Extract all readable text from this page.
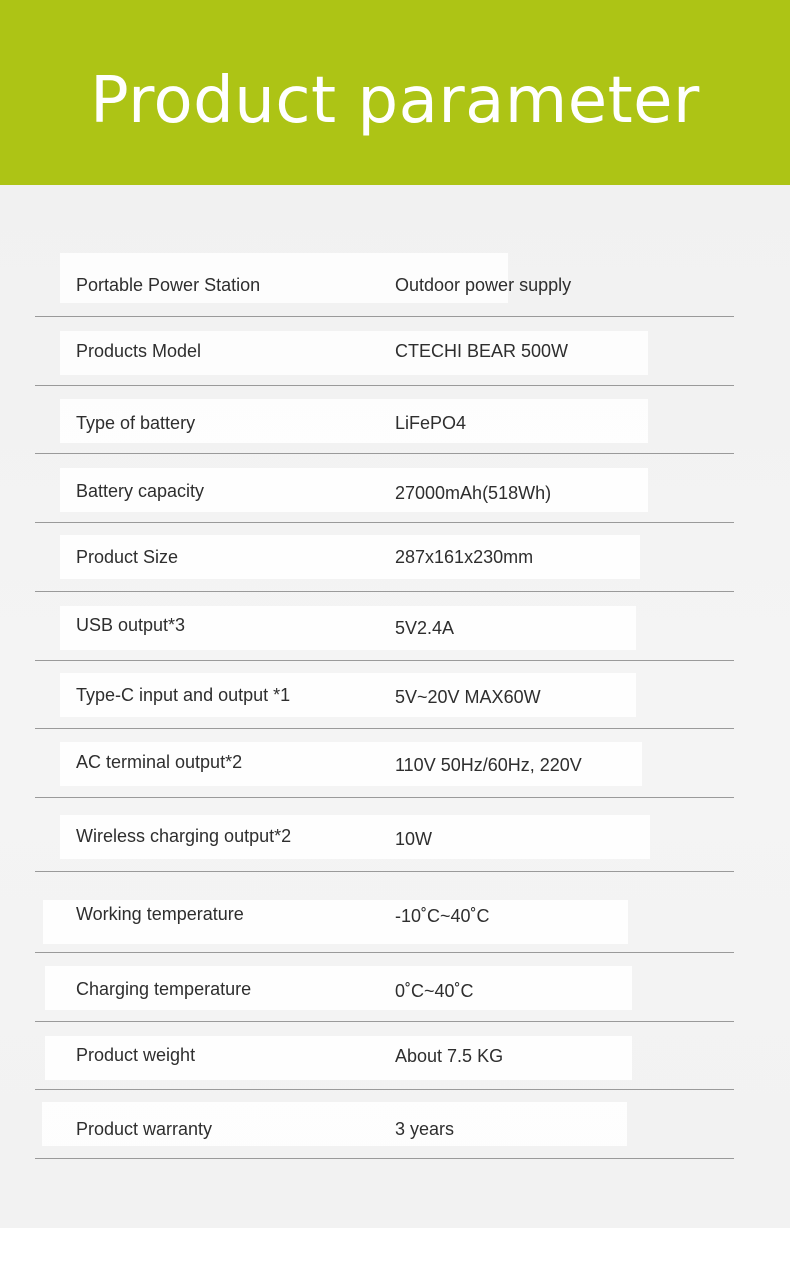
Product parameter
Portable Power Station	Outdoor power supply
Products Model	CTECHI BEAR 500W
Type of battery	LiFePO4
Battery capacity	27000mAh(518Wh)
Product Size	287x161x230mm
USB output*3	5V2.4A
Type-C input and output *1	5V~20V MAX60W
AC terminal output*2	110V 50Hz/60Hz, 220V
Wireless charging output*2	10W
Working temperature	-10˚C~40˚C
Charging temperature	0˚C~40˚C
Product weight	About 7.5 KG
Product warranty	3 years
